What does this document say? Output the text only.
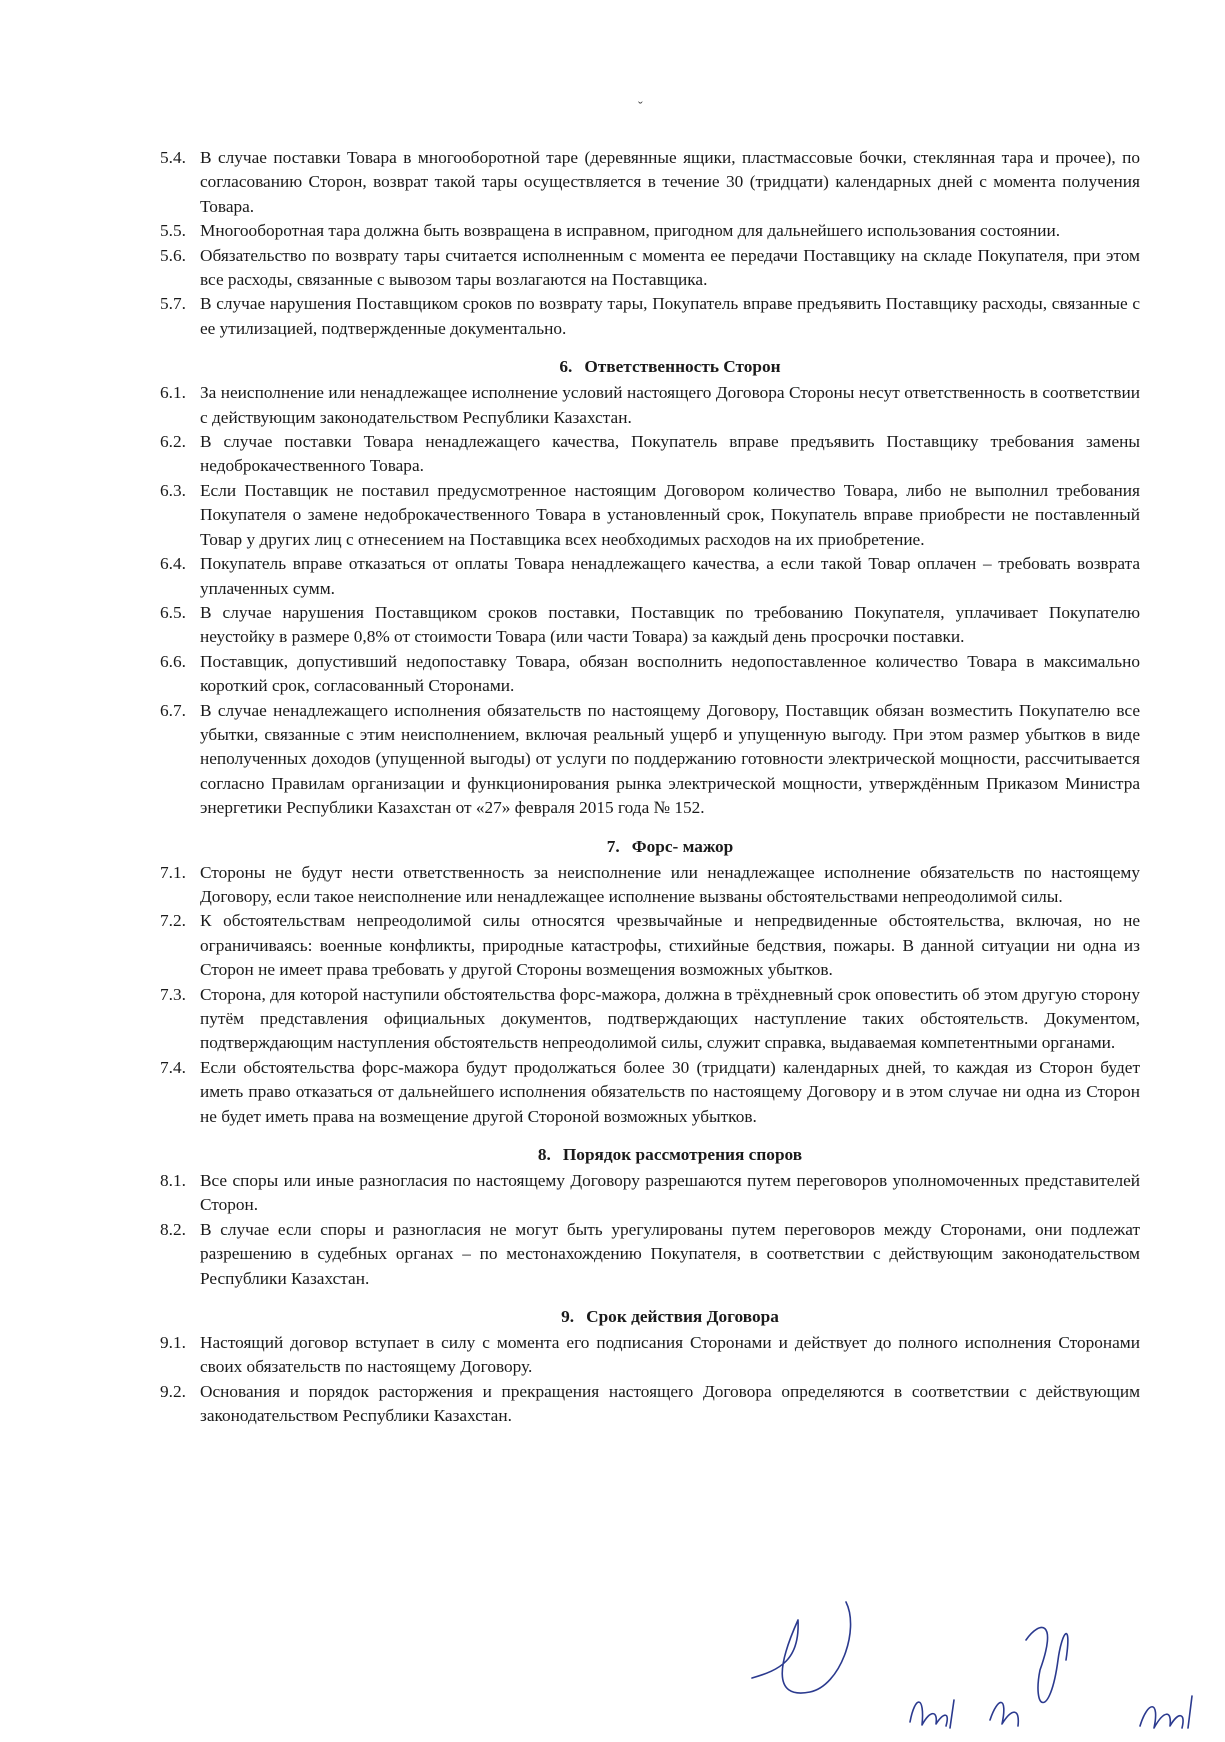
ˇ
5.4. В случае поставки Товара в многооборотной таре (деревянные ящики, пластмассовые бочки, стеклянная тара и прочее), по согласованию Сторон, возврат такой тары осуществляется в течение 30 (тридцати) календарных дней с момента получения Товара.
5.5. Многооборотная тара должна быть возвращена в исправном, пригодном для дальнейшего использования состоянии.
5.6. Обязательство по возврату тары считается исполненным с момента ее передачи Поставщику на складе Покупателя, при этом все расходы, связанные с вывозом тары возлагаются на Поставщика.
5.7. В случае нарушения Поставщиком сроков по возврату тары, Покупатель вправе предъявить Поставщику расходы, связанные с ее утилизацией, подтвержденные документально.
6. Ответственность Сторон
6.1. За неисполнение или ненадлежащее исполнение условий настоящего Договора Стороны несут ответственность в соответствии с действующим законодательством Республики Казахстан.
6.2. В случае поставки Товара ненадлежащего качества, Покупатель вправе предъявить Поставщику требования замены недоброкачественного Товара.
6.3. Если Поставщик не поставил предусмотренное настоящим Договором количество Товара, либо не выполнил требования Покупателя о замене недоброкачественного Товара в установленный срок, Покупатель вправе приобрести не поставленный Товар у других лиц с отнесением на Поставщика всех необходимых расходов на их приобретение.
6.4. Покупатель вправе отказаться от оплаты Товара ненадлежащего качества, а если такой Товар оплачен – требовать возврата уплаченных сумм.
6.5. В случае нарушения Поставщиком сроков поставки, Поставщик по требованию Покупателя, уплачивает Покупателю неустойку в размере 0,8% от стоимости Товара (или части Товара) за каждый день просрочки поставки.
6.6. Поставщик, допустивший недопоставку Товара, обязан восполнить недопоставленное количество Товара в максимально короткий срок, согласованный Сторонами.
6.7. В случае ненадлежащего исполнения обязательств по настоящему Договору, Поставщик обязан возместить Покупателю все убытки, связанные с этим неисполнением, включая реальный ущерб и упущенную выгоду. При этом размер убытков в виде неполученных доходов (упущенной выгоды) от услуги по поддержанию готовности электрической мощности, рассчитывается согласно Правилам организации и функционирования рынка электрической мощности, утверждённым Приказом Министра энергетики Республики Казахстан от «27» февраля 2015 года № 152.
7. Форс- мажор
7.1. Стороны не будут нести ответственность за неисполнение или ненадлежащее исполнение обязательств по настоящему Договору, если такое неисполнение или ненадлежащее исполнение вызваны обстоятельствами непреодолимой силы.
7.2. К обстоятельствам непреодолимой силы относятся чрезвычайные и непредвиденные обстоятельства, включая, но не ограничиваясь: военные конфликты, природные катастрофы, стихийные бедствия, пожары. В данной ситуации ни одна из Сторон не имеет права требовать у другой Стороны возмещения возможных убытков.
7.3. Сторона, для которой наступили обстоятельства форс-мажора, должна в трёхдневный срок оповестить об этом другую сторону путём представления официальных документов, подтверждающих наступление таких обстоятельств. Документом, подтверждающим наступления обстоятельств непреодолимой силы, служит справка, выдаваемая компетентными органами.
7.4. Если обстоятельства форс-мажора будут продолжаться более 30 (тридцати) календарных дней, то каждая из Сторон будет иметь право отказаться от дальнейшего исполнения обязательств по настоящему Договору и в этом случае ни одна из Сторон не будет иметь права на возмещение другой Стороной возможных убытков.
8. Порядок рассмотрения споров
8.1. Все споры или иные разногласия по настоящему Договору разрешаются путем переговоров уполномоченных представителей Сторон.
8.2. В случае если споры и разногласия не могут быть урегулированы путем переговоров между Сторонами, они подлежат разрешению в судебных органах – по местонахождению Покупателя, в соответствии с действующим законодательством Республики Казахстан.
9. Срок действия Договора
9.1. Настоящий договор вступает в силу с момента его подписания Сторонами и действует до полного исполнения Сторонами своих обязательств по настоящему Договору.
9.2. Основания и порядок расторжения и прекращения настоящего Договора определяются в соответствии с действующим законодательством Республики Казахстан.
